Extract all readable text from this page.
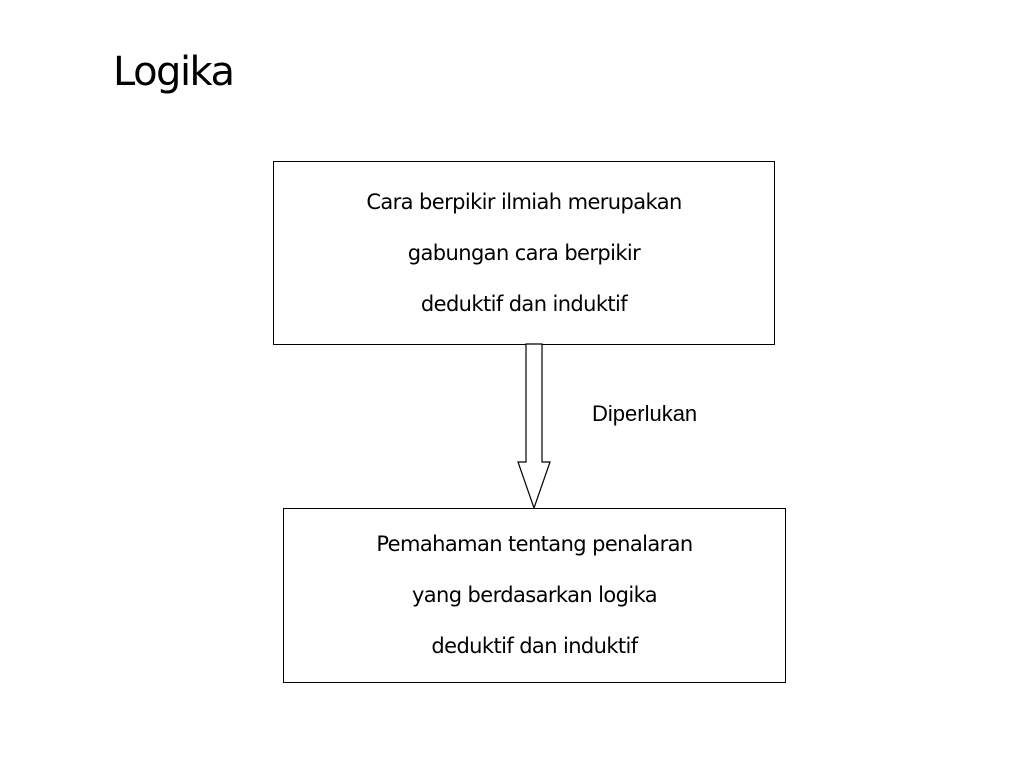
Logika
Cara berpikir ilmiah merupakan
gabungan cara berpikir
deduktif dan induktif
Diperlukan
Pemahaman tentang penalaran
yang berdasarkan logika
deduktif dan induktif
